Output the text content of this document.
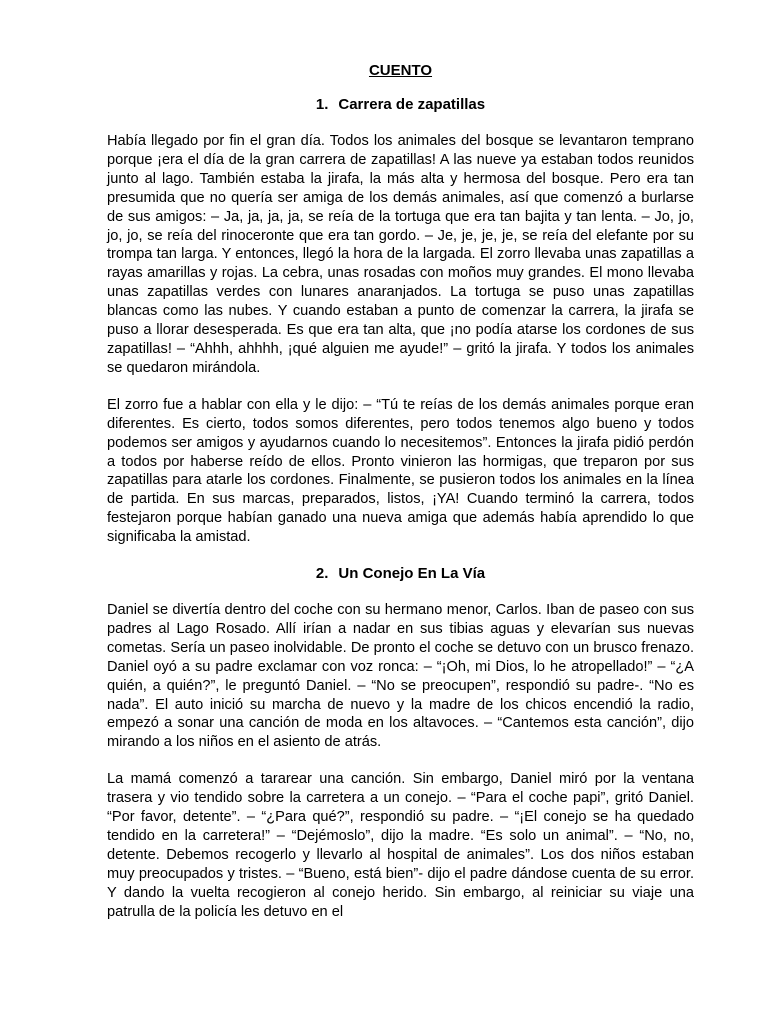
CUENTO
1. Carrera de zapatillas

Había llegado por fin el gran día. Todos los animales del bosque se levantaron temprano porque ¡era el día de la gran carrera de zapatillas! A las nueve ya estaban todos reunidos junto al lago. También estaba la jirafa, la más alta y hermosa del bosque. Pero era tan presumida que no quería ser amiga de los demás animales, así que comenzó a burlarse de sus amigos: – Ja, ja, ja, ja, se reía de la tortuga que era tan bajita y tan lenta. – Jo, jo, jo, jo, se reía del rinoceronte que era tan gordo. – Je, je, je, je, se reía del elefante por su trompa tan larga. Y entonces, llegó la hora de la largada. El zorro llevaba unas zapatillas a rayas amarillas y rojas. La cebra, unas rosadas con moños muy grandes. El mono llevaba unas zapatillas verdes con lunares anaranjados. La tortuga se puso unas zapatillas blancas como las nubes. Y cuando estaban a punto de comenzar la carrera, la jirafa se puso a llorar desesperada. Es que era tan alta, que ¡no podía atarse los cordones de sus zapatillas! – “Ahhh, ahhhh, ¡qué alguien me ayude!” – gritó la jirafa. Y todos los animales se quedaron mirándola.

El zorro fue a hablar con ella y le dijo: – “Tú te reías de los demás animales porque eran diferentes. Es cierto, todos somos diferentes, pero todos tenemos algo bueno y todos podemos ser amigos y ayudarnos cuando lo necesitemos”. Entonces la jirafa pidió perdón a todos por haberse reído de ellos. Pronto vinieron las hormigas, que treparon por sus zapatillas para atarle los cordones. Finalmente, se pusieron todos los animales en la línea de partida. En sus marcas, preparados, listos, ¡YA! Cuando terminó la carrera, todos festejaron porque habían ganado una nueva amiga que además había aprendido lo que significaba la amistad.

2. Un Conejo En La Vía

Daniel se divertía dentro del coche con su hermano menor, Carlos. Iban de paseo con sus padres al Lago Rosado. Allí irían a nadar en sus tibias aguas y elevarían sus nuevas cometas. Sería un paseo inolvidable. De pronto el coche se detuvo con un brusco frenazo. Daniel oyó a su padre exclamar con voz ronca: – “¡Oh, mi Dios, lo he atropellado!” – “¿A quién, a quién?”, le preguntó Daniel. – “No se preocupen”, respondió su padre-. “No es nada”. El auto inició su marcha de nuevo y la madre de los chicos encendió la radio, empezó a sonar una canción de moda en los altavoces. – “Cantemos esta canción”, dijo mirando a los niños en el asiento de atrás.

La mamá comenzó a tararear una canción. Sin embargo, Daniel miró por la ventana trasera y vio tendido sobre la carretera a un conejo. – “Para el coche papi”, gritó Daniel. “Por favor, detente”. – “¿Para qué?”, respondió su padre. – “¡El conejo se ha quedado tendido en la carretera!” – “Dejémoslo”, dijo la madre. “Es solo un animal”. – “No, no, detente. Debemos recogerlo y llevarlo al hospital de animales”. Los dos niños estaban muy preocupados y tristes. – “Bueno, está bien”- dijo el padre dándose cuenta de su error. Y dando la vuelta recogieron al conejo herido. Sin embargo, al reiniciar su viaje una patrulla de la policía les detuvo en el
